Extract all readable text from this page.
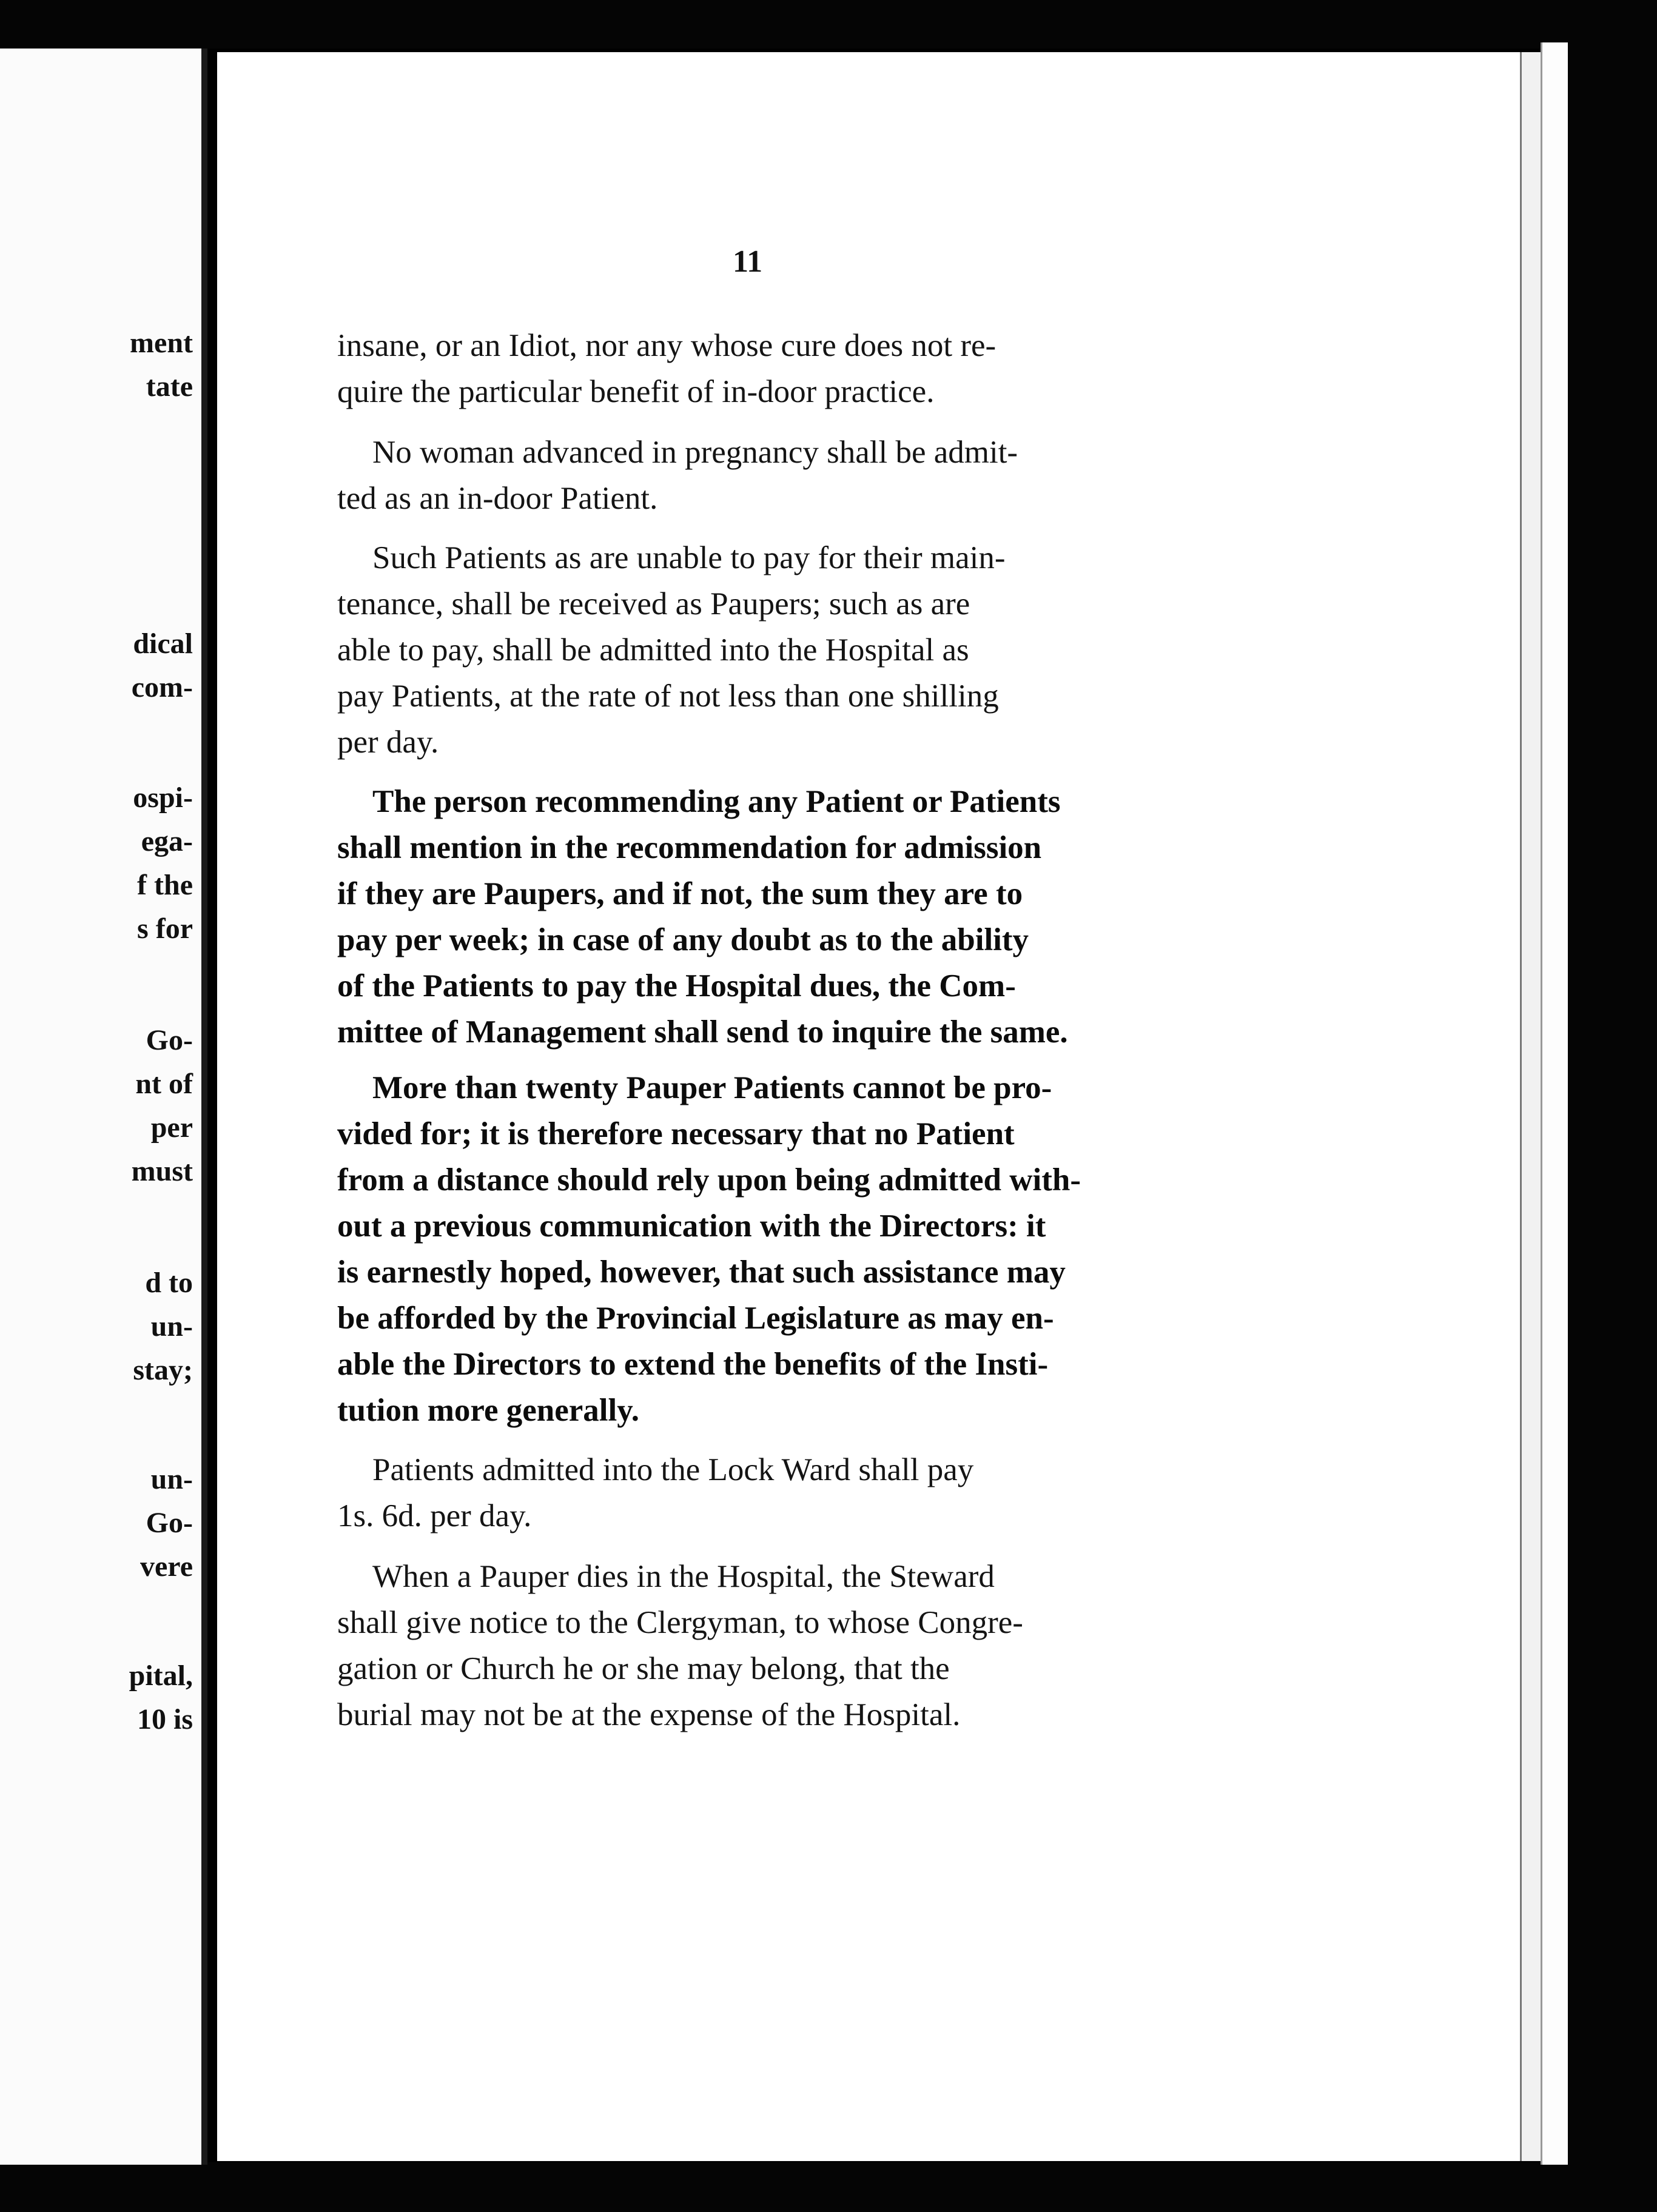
ment
tate
dical
com-
ospi-
ega-
f the
s for
Go-
nt of
per
must
d to
un-
stay;
un-
Go-
vere
pital,
10 is
11

insane, or an Idiot, nor any whose cure does not re-
quire the particular benefit of in-door practice.

No woman advanced in pregnancy shall be admit-
ted as an in-door Patient.

Such Patients as are unable to pay for their main-
tenance, shall be received as Paupers; such as are
able to pay, shall be admitted into the Hospital as
pay Patients, at the rate of not less than one shilling
per day.

The person recommending any Patient or Patients
shall mention in the recommendation for admission
if they are Paupers, and if not, the sum they are to
pay per week; in case of any doubt as to the ability
of the Patients to pay the Hospital dues, the Com-
mittee of Management shall send to inquire the same.

More than twenty Pauper Patients cannot be pro-
vided for; it is therefore necessary that no Patient
from a distance should rely upon being admitted with-
out a previous communication with the Directors: it
is earnestly hoped, however, that such assistance may
be afforded by the Provincial Legislature as may en-
able the Directors to extend the benefits of the Insti-
tution more generally.

Patients admitted into the Lock Ward shall pay
1s. 6d. per day.

When a Pauper dies in the Hospital, the Steward
shall give notice to the Clergyman, to whose Congre-
gation or Church he or she may belong, that the
burial may not be at the expense of the Hospital.
